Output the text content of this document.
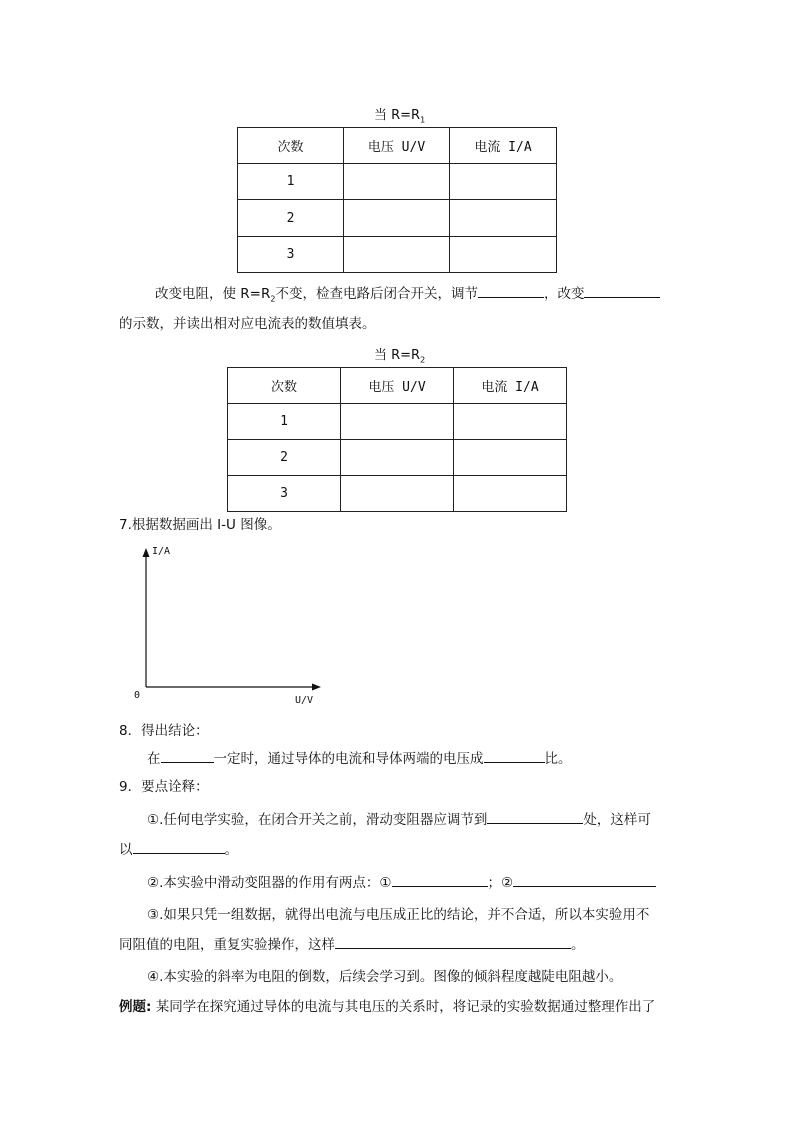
当 $R=R_1$
次数	电压 U/V	电流 I/A
1		
2		
3		
改变电阻，使 $R=R_2$不变，检查电路后闭合开关，调节	，改变
的示数，并读出相对应电流表的数值填表。
当 $R=R_2$
次数	电压 U/V	电流 I/A
1		
2		
3		
7.根据数据画出 I-U 图像。
I/A
0	U/V
8．得出结论：
在	一定时，通过导体的电流和导体两端的电压成	比。
9．要点诠释：
①.任何电学实验，在闭合开关之前，滑动变阻器应调节到	处，这样可
以	。
②.本实验中滑动变阻器的作用有两点：①	；②
③.如果只凭一组数据，就得出电流与电压成正比的结论，并不合适，所以本实验用不
同阻值的电阻，重复实验操作，这样	。
④.本实验的斜率为电阻的倒数，后续会学习到。图像的倾斜程度越陡电阻越小。
例题: 某同学在探究通过导体的电流与其电压的关系时，将记录的实验数据通过整理作出了
